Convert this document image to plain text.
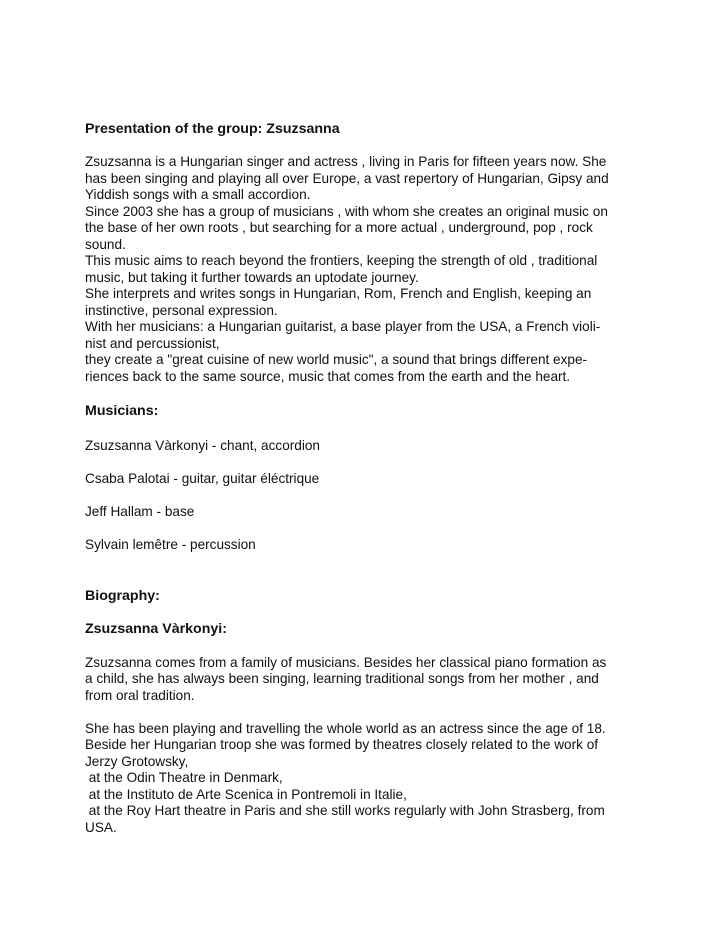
Presentation of the group: Zsuzsanna

Zsuzsanna is a Hungarian singer and actress , living in Paris for fifteen years now. She
has been singing and playing all over Europe, a vast repertory of Hungarian, Gipsy and
Yiddish songs with a small accordion.
Since 2003 she has a group of musicians , with whom she creates an original music on
the base of her own roots , but searching for a more actual , underground, pop , rock
sound.
This music aims to reach beyond the frontiers, keeping the strength of old , traditional
music, but taking it further towards an uptodate journey.
She interprets and writes songs in Hungarian, Rom, French and English, keeping an
instinctive, personal expression.
With her musicians: a Hungarian guitarist, a base player from the USA, a French violi-
nist and percussionist,
they create a "great cuisine of new world music", a sound that brings different expe-
riences back to the same source, music that comes from the earth and the heart.

Musicians:

Zsuzsanna Vàrkonyi - chant, accordion

Csaba Palotai - guitar, guitar éléctrique

Jeff Hallam - base

Sylvain lemêtre - percussion

Biography:

Zsuzsanna Vàrkonyi:

Zsuzsanna comes from a family of musicians. Besides her classical piano formation as
a child, she has always been singing, learning traditional songs from her mother , and
from oral tradition.
She has been playing and travelling the whole world as an actress since the age of 18.
Beside her Hungarian troop she was formed by theatres closely related to the work of
Jerzy Grotowsky,
at the Odin Theatre in Denmark,
at the Instituto de Arte Scenica in Pontremoli in Italie,
at the Roy Hart theatre in Paris and she still works regularly with John Strasberg, from
USA.
